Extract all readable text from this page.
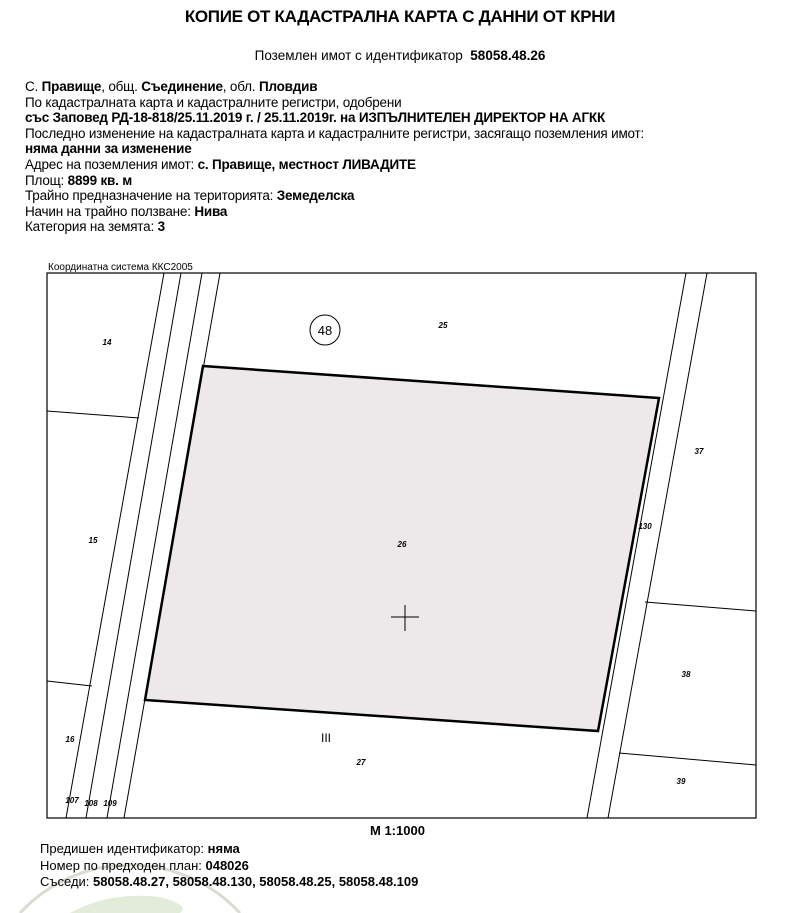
КОПИЕ ОТ КАДАСТРАЛНА КАРТА С ДАННИ ОТ КРНИ
Поземлен имот с идентификатор 58058.48.26
С. Правище, общ. Съединение, обл. Пловдив
По кадастралната карта и кадастралните регистри, одобрени
със Заповед РД-18-818/25.11.2019 г. / 25.11.2019г. на ИЗПЪЛНИТЕЛЕН ДИРЕКТОР НА АГКК
Последно изменение на кадастралната карта и кадастралните регистри, засягащо поземления имот:
няма данни за изменение
Адрес на поземления имот: с. Правище, местност ЛИВАДИТЕ
Площ: 8899 кв. м
Трайно предназначение на територията: Земеделска
Начин на трайно ползване: Нива
Категория на земята: 3
Координатна система ККС2005
48
14
15
16
25
26
27
37
38
39
130
107 108 109
III
М 1:1000
Предишен идентификатор: няма
Номер по предходен план: 048026
Съседи: 58058.48.27, 58058.48.130, 58058.48.25, 58058.48.109
